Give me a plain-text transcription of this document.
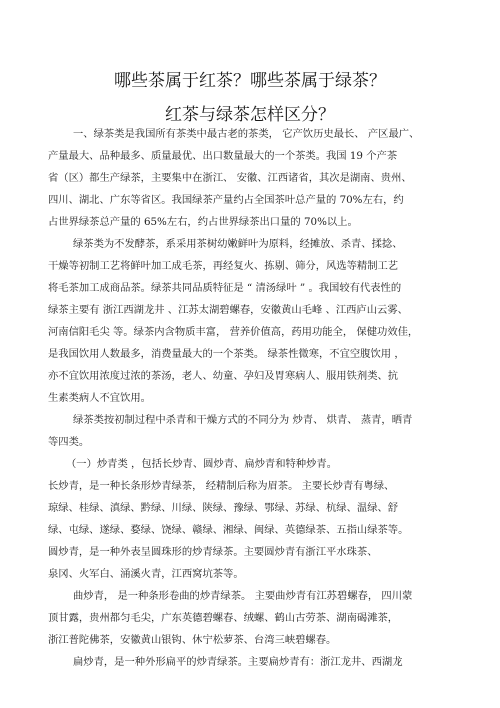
哪些茶属于红茶？哪些茶属于绿茶？
红茶与绿茶怎样区分？
一、绿茶类是我国所有茶类中最古老的茶类， 它产饮历史最长、 产区最广、
产量最大、品种最多、质量最优、出口数量最大的一个茶类。我国 19 个产茶
省（区）都生产绿茶，主要集中在浙江、 安徽、江西诸省，其次是湖南、贵州、
四川、湖北、广东等省区。我国绿茶产量约占全国茶叶总产量的 70%左右，约
占世界绿茶总产量的 65%左右，约占世界绿茶出口量的 70%以上。
绿茶类为不发酵茶，系采用茶树幼嫩鲜叶为原料，经摊放、杀青、揉捻、
干燥等初制工艺将鲜叶加工成毛茶，再经复火、拣剔、筛分，风选等精制工艺
将毛茶加工成商品茶。绿茶共同品质特征是 “ 清汤绿叶 ” 。我国较有代表性的
绿茶主要有 浙江西湖龙井 、江苏太湖碧螺春，安徽黄山毛峰 、江西庐山云雾、
河南信阳毛尖 等。绿茶内含物质丰富， 营养价值高，药用功能全， 保健功效佳，
是我国饮用人数最多，消费量最大的一个茶类。 绿茶性微寒，不宜空腹饮用 ，
亦不宜饮用浓度过浓的茶汤，老人、幼童、孕妇及胃寒病人、服用铁剂类、抗
生素类病人不宜饮用。
绿茶类按初制过程中杀青和干燥方式的不同分为 炒青、 烘青、 蒸青，晒青
等四类。
（一）炒青类 ，包括长炒青、圆炒青、扁炒青和特种炒青。
长炒青，是一种长条形炒青绿茶， 经精制后称为眉茶。 主要长炒青有粤绿、
琼绿、桂绿、滇绿、黔绿、川绿、陕绿、豫绿、鄂绿、苏绿、杭绿、温绿、舒
绿、屯绿、遂绿、婺绿、饶绿、赣绿、湘绿、闽绿、英德绿茶、五指山绿茶等。
圆炒青，是一种外表呈圆珠形的炒青绿茶。主要圆炒青有浙江平水珠茶、
泉冈、火军白、涌溪火青，江西窝坑茶等。
曲炒青， 是一种条形卷曲的炒青绿茶。 主要曲炒青有江苏碧螺春， 四川蒙
顶甘露，贵州都匀毛尖，广东英德碧螺春、绒螺、鹤山古劳茶、湖南碣滩茶，
浙江普陀佛茶，安徽黄山银钩、休宁松萝茶、台湾三峡碧螺春。
扁炒青，是一种外形扁平的炒青绿茶。主要扁炒青有：浙江龙井、西湖龙
